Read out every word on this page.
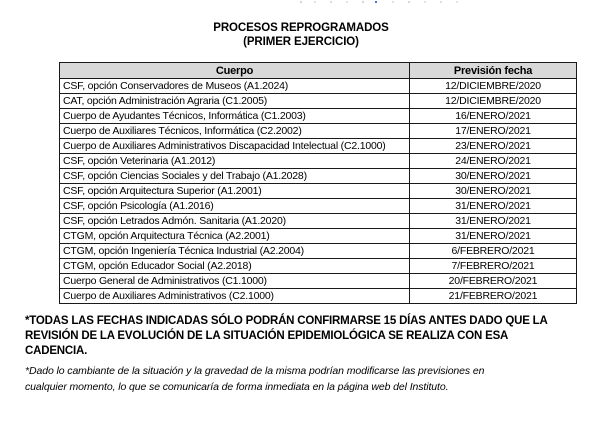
PROCESOS REPROGRAMADOS
(PRIMER EJERCICIO)
Cuerpo	Previsión fecha
CSF, opción Conservadores de Museos (A1.2024)	12/DICIEMBRE/2020
CAT, opción Administración Agraria (C1.2005)	12/DICIEMBRE/2020
Cuerpo de Ayudantes Técnicos, Informática (C1.2003)	16/ENERO/2021
Cuerpo de Auxiliares Técnicos, Informática (C2.2002)	17/ENERO/2021
Cuerpo de Auxiliares Administrativos Discapacidad Intelectual (C2.1000)	23/ENERO/2021
CSF, opción Veterinaria (A1.2012)	24/ENERO/2021
CSF, opción Ciencias Sociales y del Trabajo (A1.2028)	30/ENERO/2021
CSF, opción Arquitectura Superior (A1.2001)	30/ENERO/2021
CSF, opción Psicología (A1.2016)	31/ENERO/2021
CSF, opción Letrados Admón. Sanitaria (A1.2020)	31/ENERO/2021
CTGM, opción Arquitectura Técnica (A2.2001)	31/ENERO/2021
CTGM, opción Ingeniería Técnica Industrial (A2.2004)	6/FEBRERO/2021
CTGM, opción Educador Social (A2.2018)	7/FEBRERO/2021
Cuerpo General de Administrativos (C1.1000)	20/FEBRERO/2021
Cuerpo de Auxiliares Administrativos (C2.1000)	21/FEBRERO/2021
*TODAS LAS FECHAS INDICADAS SÓLO PODRÁN CONFIRMARSE 15 DÍAS ANTES DADO QUE LA
REVISIÓN DE LA EVOLUCIÓN DE LA SITUACIÓN EPIDEMIOLÓGICA SE REALIZA CON ESA
CADENCIA.
*Dado lo cambiante de la situación y la gravedad de la misma podrían modificarse las previsiones en
cualquier momento, lo que se comunicaría de forma inmediata en la página web del Instituto.
